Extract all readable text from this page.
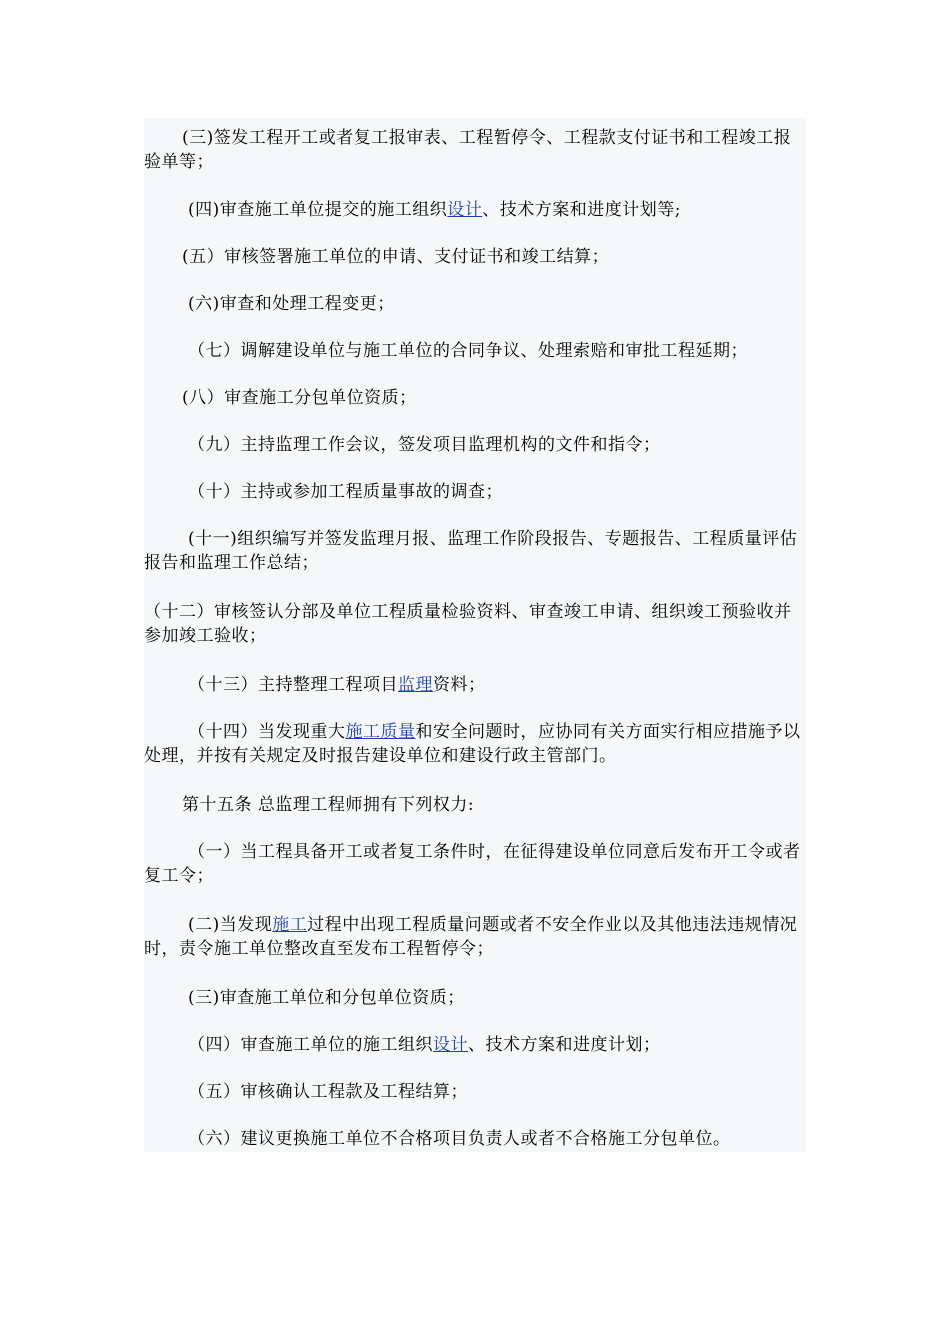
(三)签发工程开工或者复工报审表、工程暂停令、工程款支付证书和工程竣工报验单等；

(四)审查施工单位提交的施工组织设计、技术方案和进度计划等;

(五）审核签署施工单位的申请、支付证书和竣工结算；

(六)审查和处理工程变更；

（七）调解建设单位与施工单位的合同争议、处理索赔和审批工程延期；

(八）审查施工分包单位资质；

（九）主持监理工作会议，签发项目监理机构的文件和指令；

（十）主持或参加工程质量事故的调查；

(十一)组织编写并签发监理月报、监理工作阶段报告、专题报告、工程质量评估报告和监理工作总结；

（十二）审核签认分部及单位工程质量检验资料、审查竣工申请、组织竣工预验收并参加竣工验收；

（十三）主持整理工程项目监理资料；

（十四）当发现重大施工质量和安全问题时，应协同有关方面实行相应措施予以处理，并按有关规定及时报告建设单位和建设行政主管部门。

第十五条 总监理工程师拥有下列权力:

（一）当工程具备开工或者复工条件时，在征得建设单位同意后发布开工令或者复工令；

(二)当发现施工过程中出现工程质量问题或者不安全作业以及其他违法违规情况时，责令施工单位整改直至发布工程暂停令；

(三)审查施工单位和分包单位资质；

（四）审查施工单位的施工组织设计、技术方案和进度计划；

（五）审核确认工程款及工程结算；

（六）建议更换施工单位不合格项目负责人或者不合格施工分包单位。
